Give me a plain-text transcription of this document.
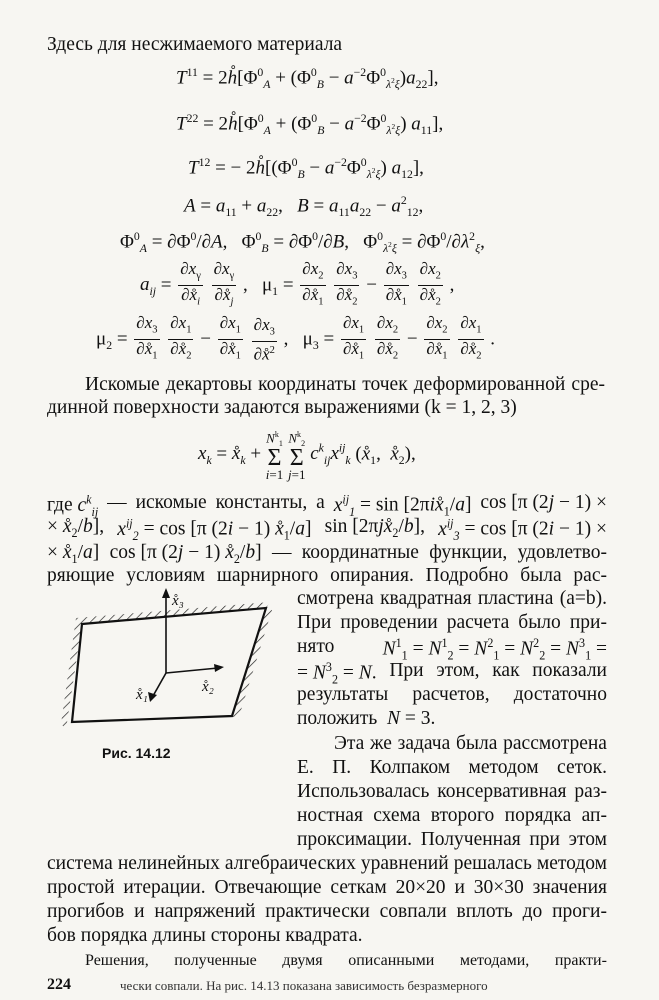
Здесь для несжимаемого материала
$T^{11}$ = $2h̊[\Phi^0_A + (\Phi^0_B - a^{-2}\Phi^0_{\lambda^2\xi})a_{22}]$,
$T^{22}$ = $2h̊[\Phi^0_A + (\Phi^0_B - a^{-2}\Phi^0_{\lambda^2\xi})$ $a_{11}$],
$T^{12}$ = − $2h̊[(\Phi^0_B - a^{-2}\Phi^0_{\lambda^2\xi})$ $a_{12}$],
$A = a_{11} + a_{22}$,   $B = a_{11}a_{22} - a^2_{12}$,
$\Phi^0_A = \partial\Phi^0/\partial A$,   $\Phi^0_B = \partial\Phi^0/\partial B$,   $\Phi^0_{\lambda^2\xi} = \partial\Phi^0/\partial\lambda^2_\xi$,
$a_{ij} = \frac{\partial x_\gamma}{\partial x̊_i}$
$\frac{\partial x_\gamma}{\partial x̊_j}$ ,   $\mu_1 = \frac{\partial x_2}{\partial x̊_1}$
$\frac{\partial x_3}{\partial x̊_2} - \frac{\partial x_3}{\partial x̊_1}$
$\frac{\partial x_2}{\partial x̊_2}$ ,
$\mu_2 = \frac{\partial x_3}{\partial x̊_1}$
$\frac{\partial x_1}{\partial x̊_2} - \frac{\partial x_1}{\partial x̊_1}$
$\frac{\partial x_3}{\partial x̊^2}$ ,   $\mu_3 = \frac{\partial x_1}{\partial x̊_1}$
$\frac{\partial x_2}{\partial x̊_2} - \frac{\partial x_2}{\partial x̊_1}$
$\frac{\partial x_1}{\partial x̊_2}$ .
Искомые декартовы координаты точек деформированной сре-
динной поверхности задаются выражениями (k = 1, 2, 3)
$x_k$ = $x̊_k + N^k_1$
Σ
i=1 $N^k_2$
Σ
j=1 $c^k_{ij}x^{ij}_k$ ($x̊_1$,  $x̊_2$),
где $c^k_{ij}$ — искомые константы, а $x^{ij}_1 = \sin$ $[2\pi ix̊_1/a]$ cos [π (2j − 1) ×
× $x̊_2/b$], $x^{ij}_2 = \cos [\pi$ (2i − 1) $x̊_1/a$] $\sin [2\pi jx̊_2/b]$, $x^{ij}_3 = \cos [\pi$ (2i − 1) ×
× $x̊_1/a$] cos [π (2j − 1) $x̊_2/b$] — координатные функции, удовлетво-
ряющие условиям шарнирного опирания. Подробно была рас-
x̊₃
x̊₂
x̊₁
Рис. 14.12
смотрена квадратная пластина (a=b).
При проведении расчета было при-
нято $N^1_1 = N^1_2 = N^2_1 = N^2_2 = N^3_1$ =
= $N^3_2 = N$. При этом, как показали
результаты расчетов, достаточно
положить  N = 3.
Эта же задача была рассмотрена
Е. П. Колпаком методом сеток.
Использовалась консервативная раз-
ностная схема второго порядка ап-
проксимации. Полученная при этом
система нелинейных алгебраических уравнений решалась методом
простой итерации. Отвечающие сеткам 20×20 и 30×30 значения
прогибов и напряжений практически совпали вплоть до проги-
бов порядка длины стороны квадрата.
Решения, полученные двумя описанными методами, практи-
224	чески совпали. На рис. 14.13 показана зависимость безразмерного
